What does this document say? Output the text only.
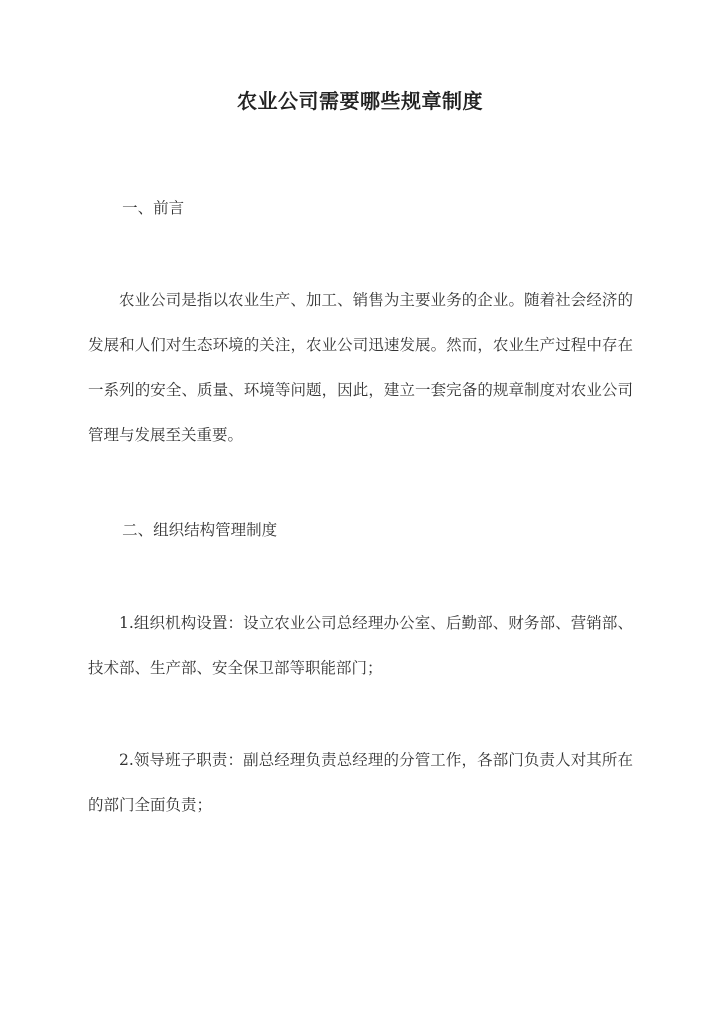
农业公司需要哪些规章制度

一、前言

农业公司是指以农业生产、加工、销售为主要业务的企业。随着社会经济的发展和人们对生态环境的关注，农业公司迅速发展。然而，农业生产过程中存在一系列的安全、质量、环境等问题，因此，建立一套完备的规章制度对农业公司管理与发展至关重要。

二、组织结构管理制度

1.组织机构设置：设立农业公司总经理办公室、后勤部、财务部、营销部、技术部、生产部、安全保卫部等职能部门；

2.领导班子职责：副总经理负责总经理的分管工作，各部门负责人对其所在的部门全面负责；
